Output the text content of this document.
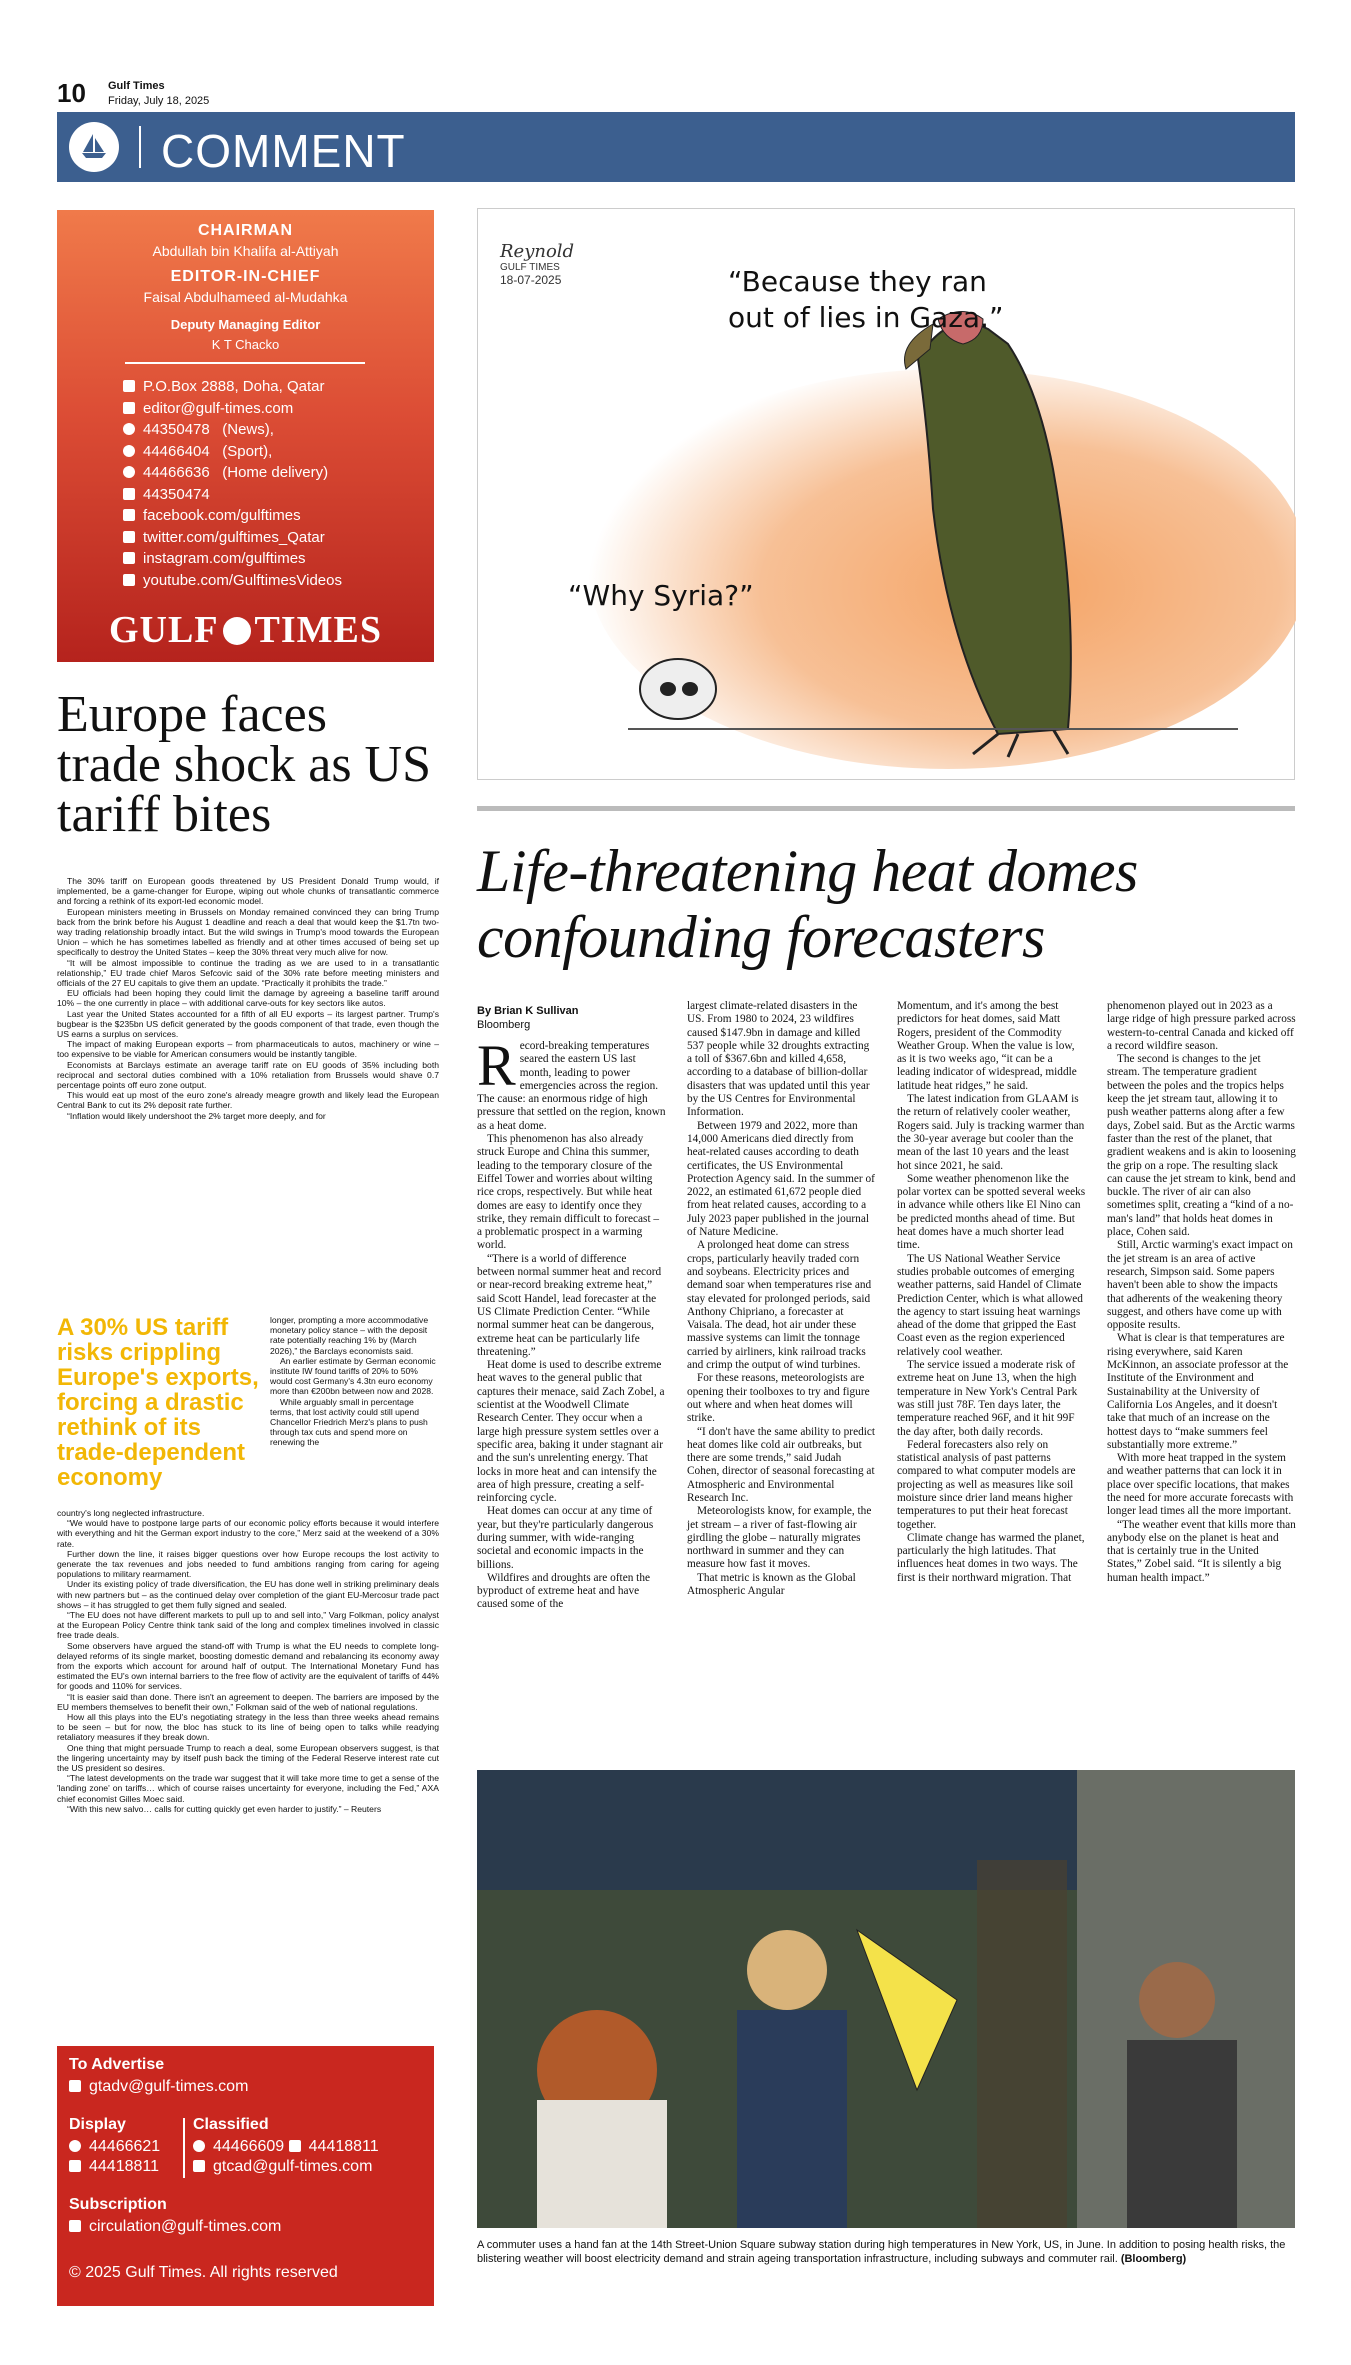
10 Gulf Times
Friday, July 18, 2025
COMMENT
CHAIRMAN
Abdullah bin Khalifa al-Attiyah
EDITOR-IN-CHIEF
Faisal Abdulhameed al-Mudahka
Deputy Managing Editor
K T Chacko
P.O.Box 2888, Doha, Qatar
editor@gulf-times.com
44350478   (News),
44466404   (Sport),
44466636   (Home delivery)
44350474
facebook.com/gulftimes
twitter.com/gulftimes_Qatar
instagram.com/gulftimes
youtube.com/GulftimesVideos
GULF TIMES
Europe faces trade shock as US tariff bites

The 30% tariff on European goods threatened by US President Donald Trump would, if implemented, be a game-changer for Europe, wiping out whole chunks of transatlantic commerce and forcing a rethink of its export-led economic model.

European ministers meeting in Brussels on Monday remained convinced they can bring Trump back from the brink before his August 1 deadline and reach a deal that would keep the $1.7tn two-way trading relationship broadly intact. But the wild swings in Trump's mood towards the European Union – which he has sometimes labelled as friendly and at other times accused of being set up specifically to destroy the United States – keep the 30% threat very much alive for now.

“It will be almost impossible to continue the trading as we are used to in a transatlantic relationship,” EU trade chief Maros Sefcovic said of the 30% rate before meeting ministers and officials of the 27 EU capitals to give them an update. “Practically it prohibits the trade.”

EU officials had been hoping they could limit the damage by agreeing a baseline tariff around 10% – the one currently in place – with additional carve-outs for key sectors like autos.

Last year the United States accounted for a fifth of all EU exports – its largest partner. Trump's bugbear is the $235bn US deficit generated by the goods component of that trade, even though the US earns a surplus on services.

The impact of making European exports – from pharmaceuticals to autos, machinery or wine – too expensive to be viable for American consumers would be instantly tangible.

Economists at Barclays estimate an average tariff rate on EU goods of 35% including both reciprocal and sectoral duties combined with a 10% retaliation from Brussels would shave 0.7 percentage points off euro zone output.

This would eat up most of the euro zone's already meagre growth and likely lead the European Central Bank to cut its 2% deposit rate further.

“Inflation would likely undershoot the 2% target more deeply, and for

A 30% US tariff risks crippling Europe's exports, forcing a drastic rethink of its trade-dependent economy

longer, prompting a more accommodative monetary policy stance – with the deposit rate potentially reaching 1% by (March 2026),” the Barclays economists said.

An earlier estimate by German economic institute IW found tariffs of 20% to 50% would cost Germany's 4.3tn euro economy more than €200bn between now and 2028.

While arguably small in percentage terms, that lost activity could still upend Chancellor Friedrich Merz's plans to push through tax cuts and spend more on renewing the

country's long neglected infrastructure.

“We would have to postpone large parts of our economic policy efforts because it would interfere with everything and hit the German export industry to the core,” Merz said at the weekend of a 30% rate.

Further down the line, it raises bigger questions over how Europe recoups the lost activity to generate the tax revenues and jobs needed to fund ambitions ranging from caring for ageing populations to military rearmament.

Under its existing policy of trade diversification, the EU has done well in striking preliminary deals with new partners but – as the continued delay over completion of the giant EU-Mercosur trade pact shows – it has struggled to get them fully signed and sealed.

“The EU does not have different markets to pull up to and sell into,” Varg Folkman, policy analyst at the European Policy Centre think tank said of the long and complex timelines involved in classic free trade deals.

Some observers have argued the stand-off with Trump is what the EU needs to complete long-delayed reforms of its single market, boosting domestic demand and rebalancing its economy away from the exports which account for around half of output. The International Monetary Fund has estimated the EU's own internal barriers to the free flow of activity are the equivalent of tariffs of 44% for goods and 110% for services.

“It is easier said than done. There isn't an agreement to deepen. The barriers are imposed by the EU members themselves to benefit their own,” Folkman said of the web of national regulations.

How all this plays into the EU's negotiating strategy in the less than three weeks ahead remains to be seen – but for now, the bloc has stuck to its line of being open to talks while readying retaliatory measures if they break down.

One thing that might persuade Trump to reach a deal, some European observers suggest, is that the lingering uncertainty may by itself push back the timing of the Federal Reserve interest rate cut the US president so desires.

“The latest developments on the trade war suggest that it will take more time to get a sense of the 'landing zone' on tariffs… which of course raises uncertainty for everyone, including the Fed,” AXA chief economist Gilles Moec said.

“With this new salvo… calls for cutting quickly get even harder to justify.” – Reuters

To Advertise
gtadv@gulf-times.com
Display
44466621
44418811
Classified
44466609 44418811
gtcad@gulf-times.com
Subscription
circulation@gulf-times.com
© 2025 Gulf Times. All rights reserved
Reynold
GULF TIMES
18-07-2025	“Because they ran out of lies in Gaza.”
“Why Syria?”
Life-threatening heat domes confounding forecasters
By Brian K Sullivan
Bloomberg

Record-breaking temperatures seared the eastern US last month, leading to power emergencies across the region. The cause: an enormous ridge of high pressure that settled on the region, known as a heat dome.

This phenomenon has also already struck Europe and China this summer, leading to the temporary closure of the Eiffel Tower and worries about wilting rice crops, respectively. But while heat domes are easy to identify once they strike, they remain difficult to forecast – a problematic prospect in a warming world.

“There is a world of difference between normal summer heat and record or near-record breaking extreme heat,” said Scott Handel, lead forecaster at the US Climate Prediction Center. “While normal summer heat can be dangerous, extreme heat can be particularly life threatening.”

Heat dome is used to describe extreme heat waves to the general public that captures their menace, said Zach Zobel, a scientist at the Woodwell Climate Research Center. They occur when a large high pressure system settles over a specific area, baking it under stagnant air and the sun's unrelenting energy. That locks in more heat and can intensify the area of high pressure, creating a self-reinforcing cycle.

Heat domes can occur at any time of year, but they're particularly dangerous during summer, with wide-ranging societal and economic impacts in the billions.

Wildfires and droughts are often the byproduct of extreme heat and have caused some of the

largest climate-related disasters in the US. From 1980 to 2024, 23 wildfires caused $147.9bn in damage and killed 537 people while 32 droughts extracting a toll of $367.6bn and killed 4,658, according to a database of billion-dollar disasters that was updated until this year by the US Centres for Environmental Information.

Between 1979 and 2022, more than 14,000 Americans died directly from heat-related causes according to death certificates, the US Environmental Protection Agency said. In the summer of 2022, an estimated 61,672 people died from heat related causes, according to a July 2023 paper published in the journal of Nature Medicine.

A prolonged heat dome can stress crops, particularly heavily traded corn and soybeans. Electricity prices and demand soar when temperatures rise and stay elevated for prolonged periods, said Anthony Chipriano, a forecaster at Vaisala. The dead, hot air under these massive systems can limit the tonnage carried by airliners, kink railroad tracks and crimp the output of wind turbines.

For these reasons, meteorologists are opening their toolboxes to try and figure out where and when heat domes will strike.

“I don't have the same ability to predict heat domes like cold air outbreaks, but there are some trends,” said Judah Cohen, director of seasonal forecasting at Atmospheric and Environmental Research Inc.

Meteorologists know, for example, the jet stream – a river of fast-flowing air girdling the globe – naturally migrates northward in summer and they can measure how fast it moves.

That metric is known as the Global Atmospheric Angular

Momentum, and it's among the best predictors for heat domes, said Matt Rogers, president of the Commodity Weather Group. When the value is low, as it is two weeks ago, “it can be a leading indicator of widespread, middle latitude heat ridges,” he said.

The latest indication from GLAAM is the return of relatively cooler weather, Rogers said. July is tracking warmer than the 30-year average but cooler than the mean of the last 10 years and the least hot since 2021, he said.

Some weather phenomenon like the polar vortex can be spotted several weeks in advance while others like El Nino can be predicted months ahead of time. But heat domes have a much shorter lead time.

The US National Weather Service studies probable outcomes of emerging weather patterns, said Handel of Climate Prediction Center, which is what allowed the agency to start issuing heat warnings ahead of the dome that gripped the East Coast even as the region experienced relatively cool weather.

The service issued a moderate risk of extreme heat on June 13, when the high temperature in New York's Central Park was still just 78F. Ten days later, the temperature reached 96F, and it hit 99F the day after, both daily records.

Federal forecasters also rely on statistical analysis of past patterns compared to what computer models are projecting as well as measures like soil moisture since drier land means higher temperatures to put their heat forecast together.

Climate change has warmed the planet, particularly the high latitudes. That influences heat domes in two ways. The first is their northward migration. That

phenomenon played out in 2023 as a large ridge of high pressure parked across western-to-central Canada and kicked off a record wildfire season.

The second is changes to the jet stream. The temperature gradient between the poles and the tropics helps keep the jet stream taut, allowing it to push weather patterns along after a few days, Zobel said. But as the Arctic warms faster than the rest of the planet, that gradient weakens and is akin to loosening the grip on a rope. The resulting slack can cause the jet stream to kink, bend and buckle. The river of air can also sometimes split, creating a “kind of a no-man's land” that holds heat domes in place, Cohen said.

Still, Arctic warming's exact impact on the jet stream is an area of active research, Simpson said. Some papers haven't been able to show the impacts that adherents of the weakening theory suggest, and others have come up with opposite results.

What is clear is that temperatures are rising everywhere, said Karen McKinnon, an associate professor at the Institute of the Environment and Sustainability at the University of California Los Angeles, and it doesn't take that much of an increase on the hottest days to “make summers feel substantially more extreme.”

With more heat trapped in the system and weather patterns that can lock it in place over specific locations, that makes the need for more accurate forecasts with longer lead times all the more important.

“The weather event that kills more than anybody else on the planet is heat and that is certainly true in the United States,” Zobel said. “It is silently a big human health impact.”

A commuter uses a hand fan at the 14th Street-Union Square subway station during high temperatures in New York, US, in June. In addition to posing health risks, the blistering weather will boost electricity demand and strain ageing transportation infrastructure, including subways and commuter rail. (Bloomberg)
